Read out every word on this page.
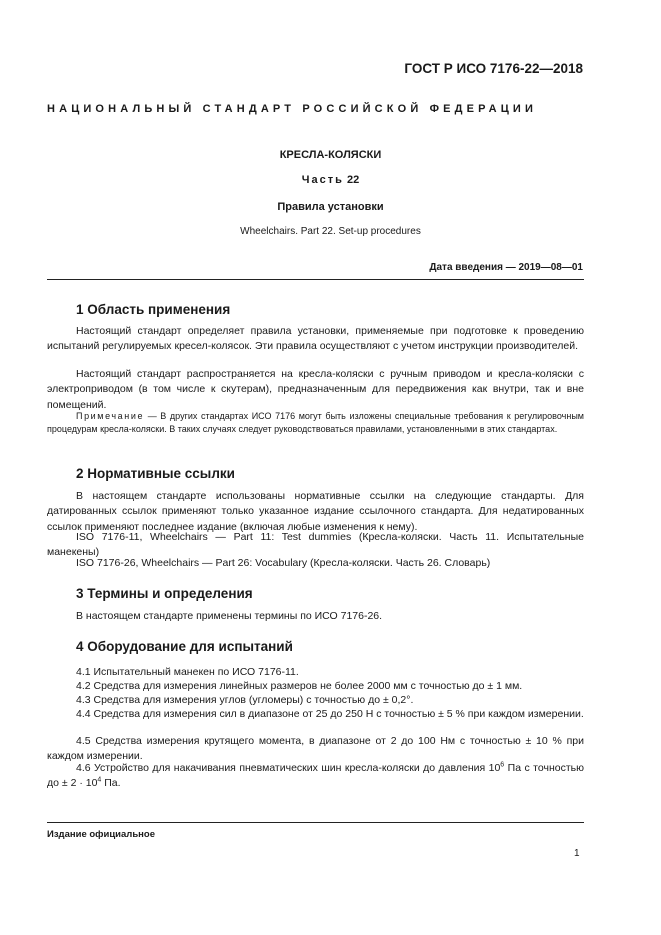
ГОСТ Р ИСО 7176-22—2018
НАЦИОНАЛЬНЫЙ СТАНДАРТ РОССИЙСКОЙ ФЕДЕРАЦИИ
КРЕСЛА-КОЛЯСКИ
Часть 22
Правила установки
Wheelchairs. Part 22. Set-up procedures
Дата введения — 2019—08—01
1 Область применения

Настоящий стандарт определяет правила установки, применяемые при подготовке к проведению испытаний регулируемых кресел-колясок. Эти правила осуществляют с учетом инструкции производителей.

Настоящий стандарт распространяется на кресла-коляски с ручным приводом и кресла-коляски с электроприводом (в том числе к скутерам), предназначенным для передвижения как внутри, так и вне помещений.

Примечание — В других стандартах ИСО 7176 могут быть изложены специальные требования к регулировочным процедурам кресла-коляски. В таких случаях следует руководствоваться правилами, установленными в этих стандартах.

2 Нормативные ссылки

В настоящем стандарте использованы нормативные ссылки на следующие стандарты. Для датированных ссылок применяют только указанное издание ссылочного стандарта. Для недатированных ссылок применяют последнее издание (включая любые изменения к нему).

ISO 7176-11, Wheelchairs — Part 11: Test dummies (Кресла-коляски. Часть 11. Испытательные манекены)

ISO 7176-26, Wheelchairs — Part 26: Vocabulary (Кресла-коляски. Часть 26. Словарь)

3 Термины и определения

В настоящем стандарте применены термины по ИСО 7176-26.

4 Оборудование для испытаний

4.1 Испытательный манекен по ИСО 7176-11.

4.2 Средства для измерения линейных размеров не более 2000 мм с точностью до ± 1 мм.

4.3 Средства для измерения углов (угломеры) с точностью до ± 0,2°.

4.4 Средства для измерения сил в диапазоне от 25 до 250 Н с точностью ± 5 % при каждом измерении.

4.5 Средства измерения крутящего момента, в диапазоне от 2 до 100 Нм с точностью ± 10 % при каждом измерении.

4.6 Устройство для накачивания пневматических шин кресла-коляски до давления $10^6$ Па с точностью до ± $2 \cdot 10^4$ Па.

Издание официальное
1
